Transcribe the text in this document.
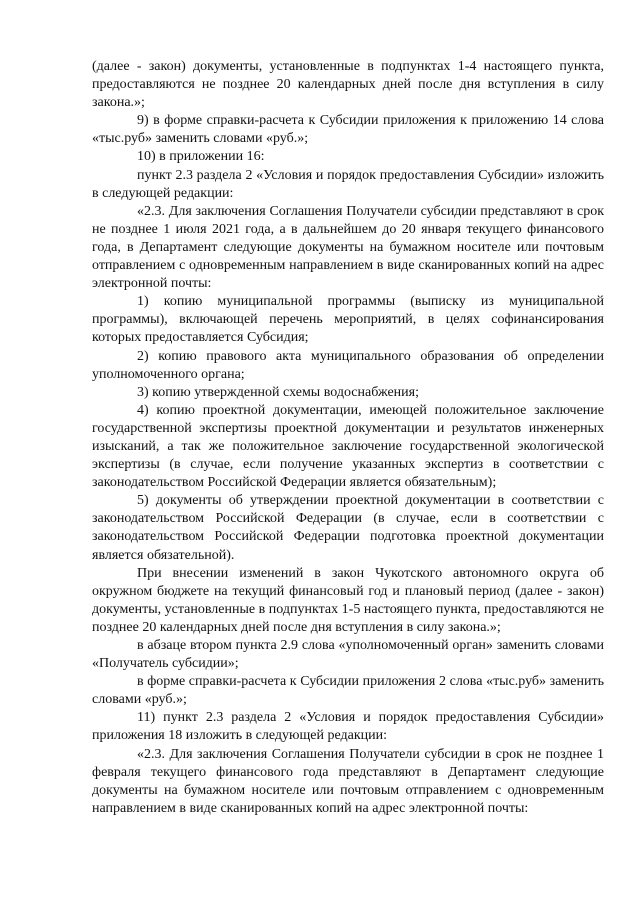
(далее - закон) документы, установленные в подпунктах 1-4 настоящего пункта, предоставляются не позднее 20 календарных дней после дня вступления в силу закона.»;

9) в форме справки-расчета к Субсидии приложения к приложению 14 слова «тыс.руб» заменить словами «руб.»;

10) в приложении 16:

пункт 2.3 раздела 2 «Условия и порядок предоставления Субсидии» изложить в следующей редакции:

«2.3. Для заключения Соглашения Получатели субсидии представляют в срок не позднее 1 июля 2021 года, а в дальнейшем до 20 января текущего финансового года, в Департамент следующие документы на бумажном носителе или почтовым отправлением с одновременным направлением в виде сканированных копий на адрес электронной почты:

1) копию муниципальной программы (выписку из муниципальной программы), включающей перечень мероприятий, в целях софинансирования которых предоставляется Субсидия;

2) копию правового акта муниципального образования об определении уполномоченного органа;

3) копию утвержденной схемы водоснабжения;

4) копию проектной документации, имеющей положительное заключение государственной экспертизы проектной документации и результатов инженерных изысканий, а так же положительное заключение государственной экологической экспертизы (в случае, если получение указанных экспертиз в соответствии с законодательством Российской Федерации является обязательным);

5) документы об утверждении проектной документации в соответствии с законодательством Российской Федерации (в случае, если в соответствии с законодательством Российской Федерации подготовка проектной документации является обязательной).

При внесении изменений в закон Чукотского автономного округа об окружном бюджете на текущий финансовый год и плановый период (далее - закон) документы, установленные в подпунктах 1-5 настоящего пункта, предоставляются не позднее 20 календарных дней после дня вступления в силу закона.»;

в абзаце втором пункта 2.9 слова «уполномоченный орган» заменить словами «Получатель субсидии»;

в форме справки-расчета к Субсидии приложения 2 слова «тыс.руб» заменить словами «руб.»;

11) пункт 2.3 раздела 2 «Условия и порядок предоставления Субсидии» приложения 18 изложить в следующей редакции:

«2.3. Для заключения Соглашения Получатели субсидии в срок не позднее 1 февраля текущего финансового года представляют в Департамент следующие документы на бумажном носителе или почтовым отправлением с одновременным направлением в виде сканированных копий на адрес электронной почты:
